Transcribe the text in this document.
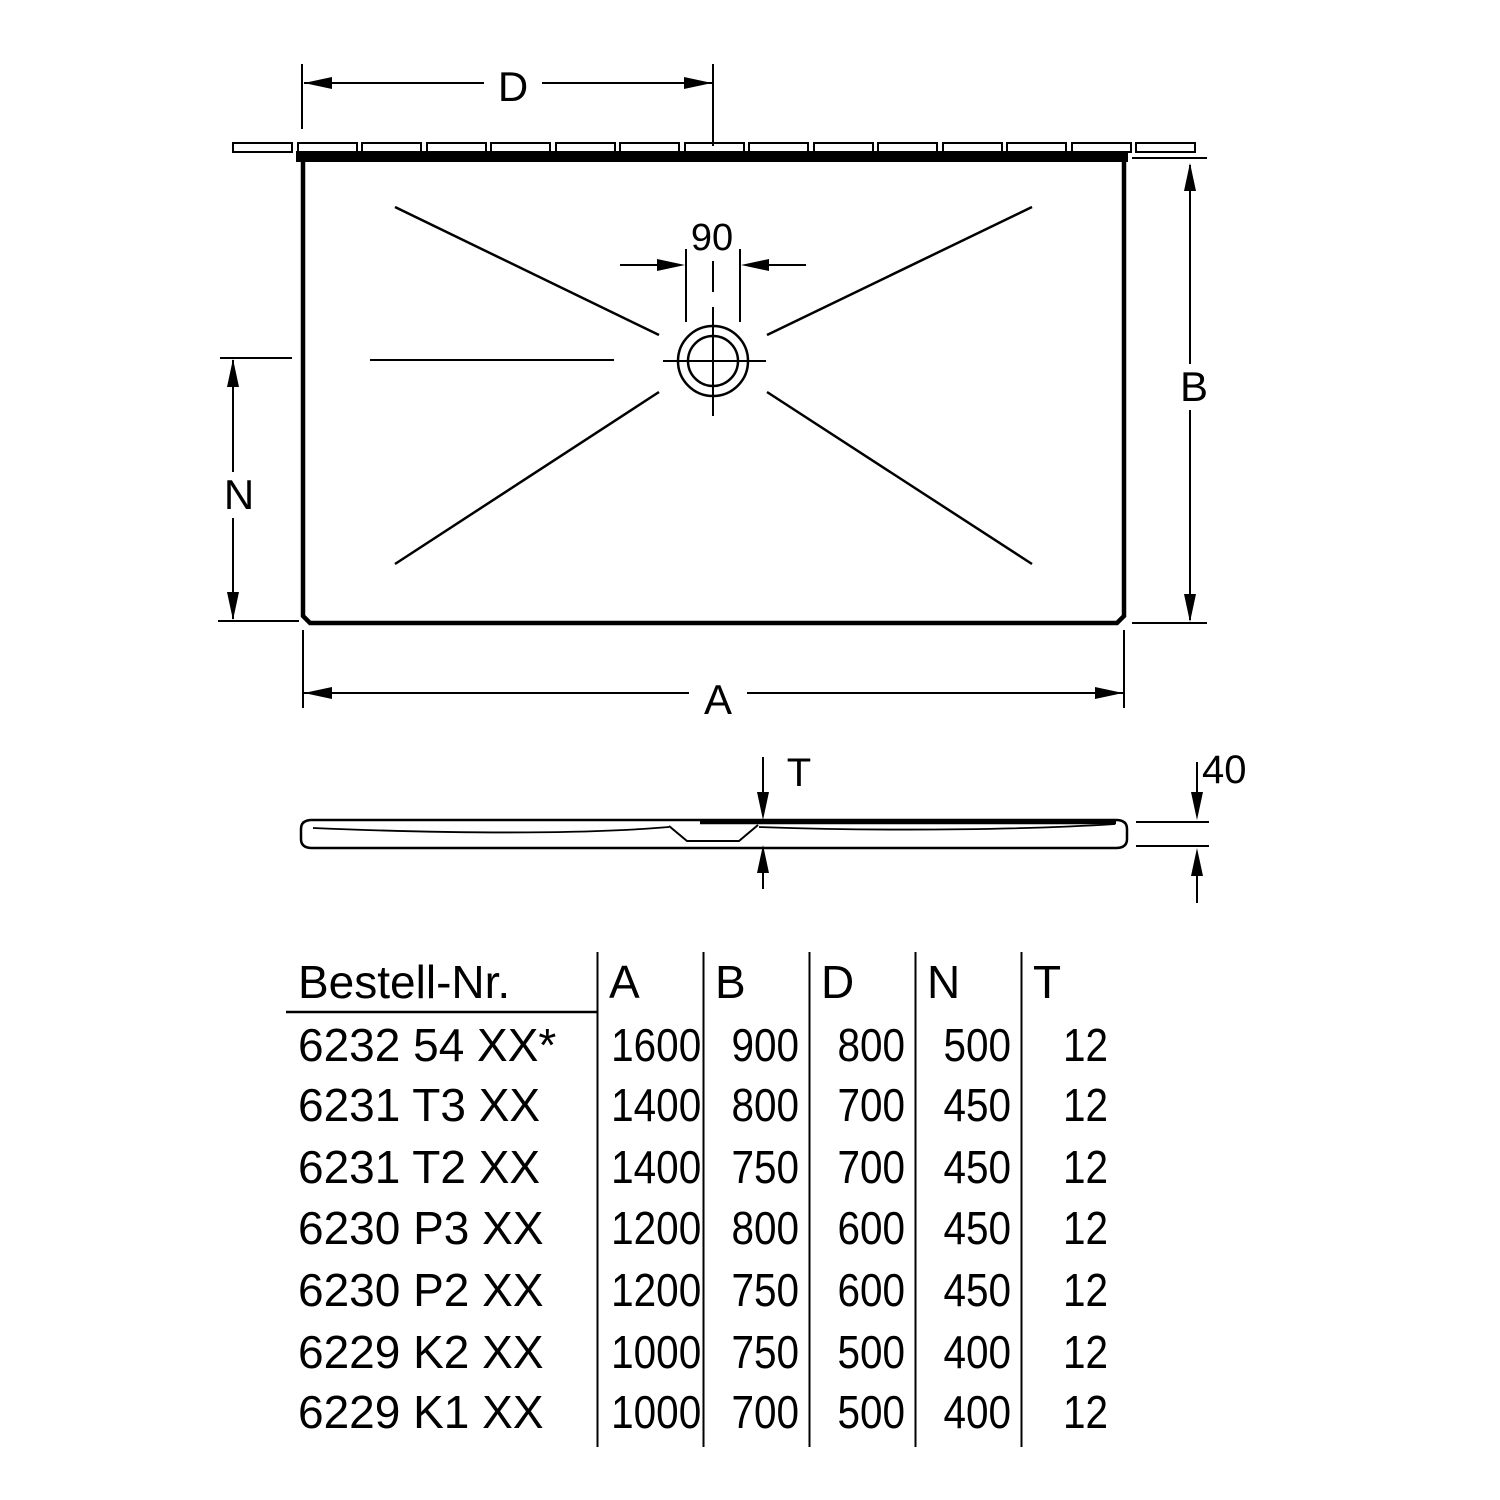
D
90
B
N
A
T	40
Bestell-Nr. A B D N T
6232 54 XX* 1600 900 800 500	12
6231 T3 XX 1400 800 700 450	12
6231 T2 XX 1400 750 700 450	12
6230 P3 XX 1200 800 600 450	12
6230 P2 XX 1200 750 600 450	12
6229 K2 XX 1000 750 500 400	12
6229 K1 XX 1000 700 500 400	12
